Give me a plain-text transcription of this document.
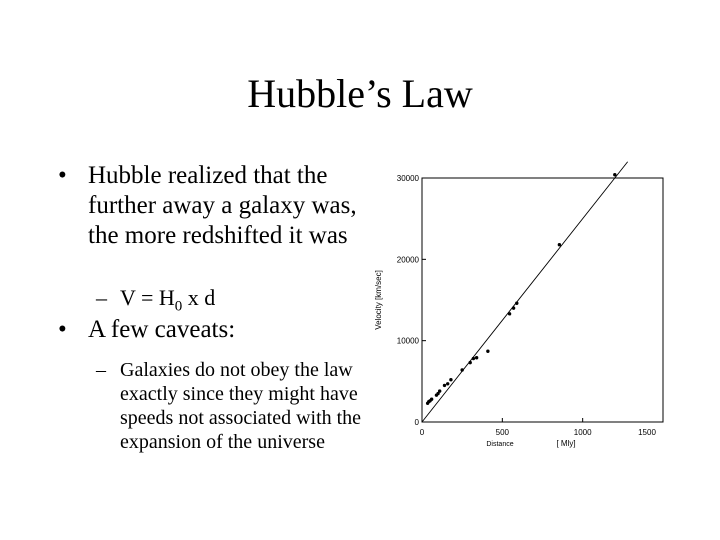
Hubble’s Law
• Hubble realized that the further away a galaxy was, the more redshifted it was
– $V = H_0$ x d
• A few caveats:
– Galaxies do not obey the law exactly since they might have speeds not associated with the expansion of the universe
Velocity [km/sec]
Distance	[ Mly]
0
10000
20000
30000
0	500	1000	1500
